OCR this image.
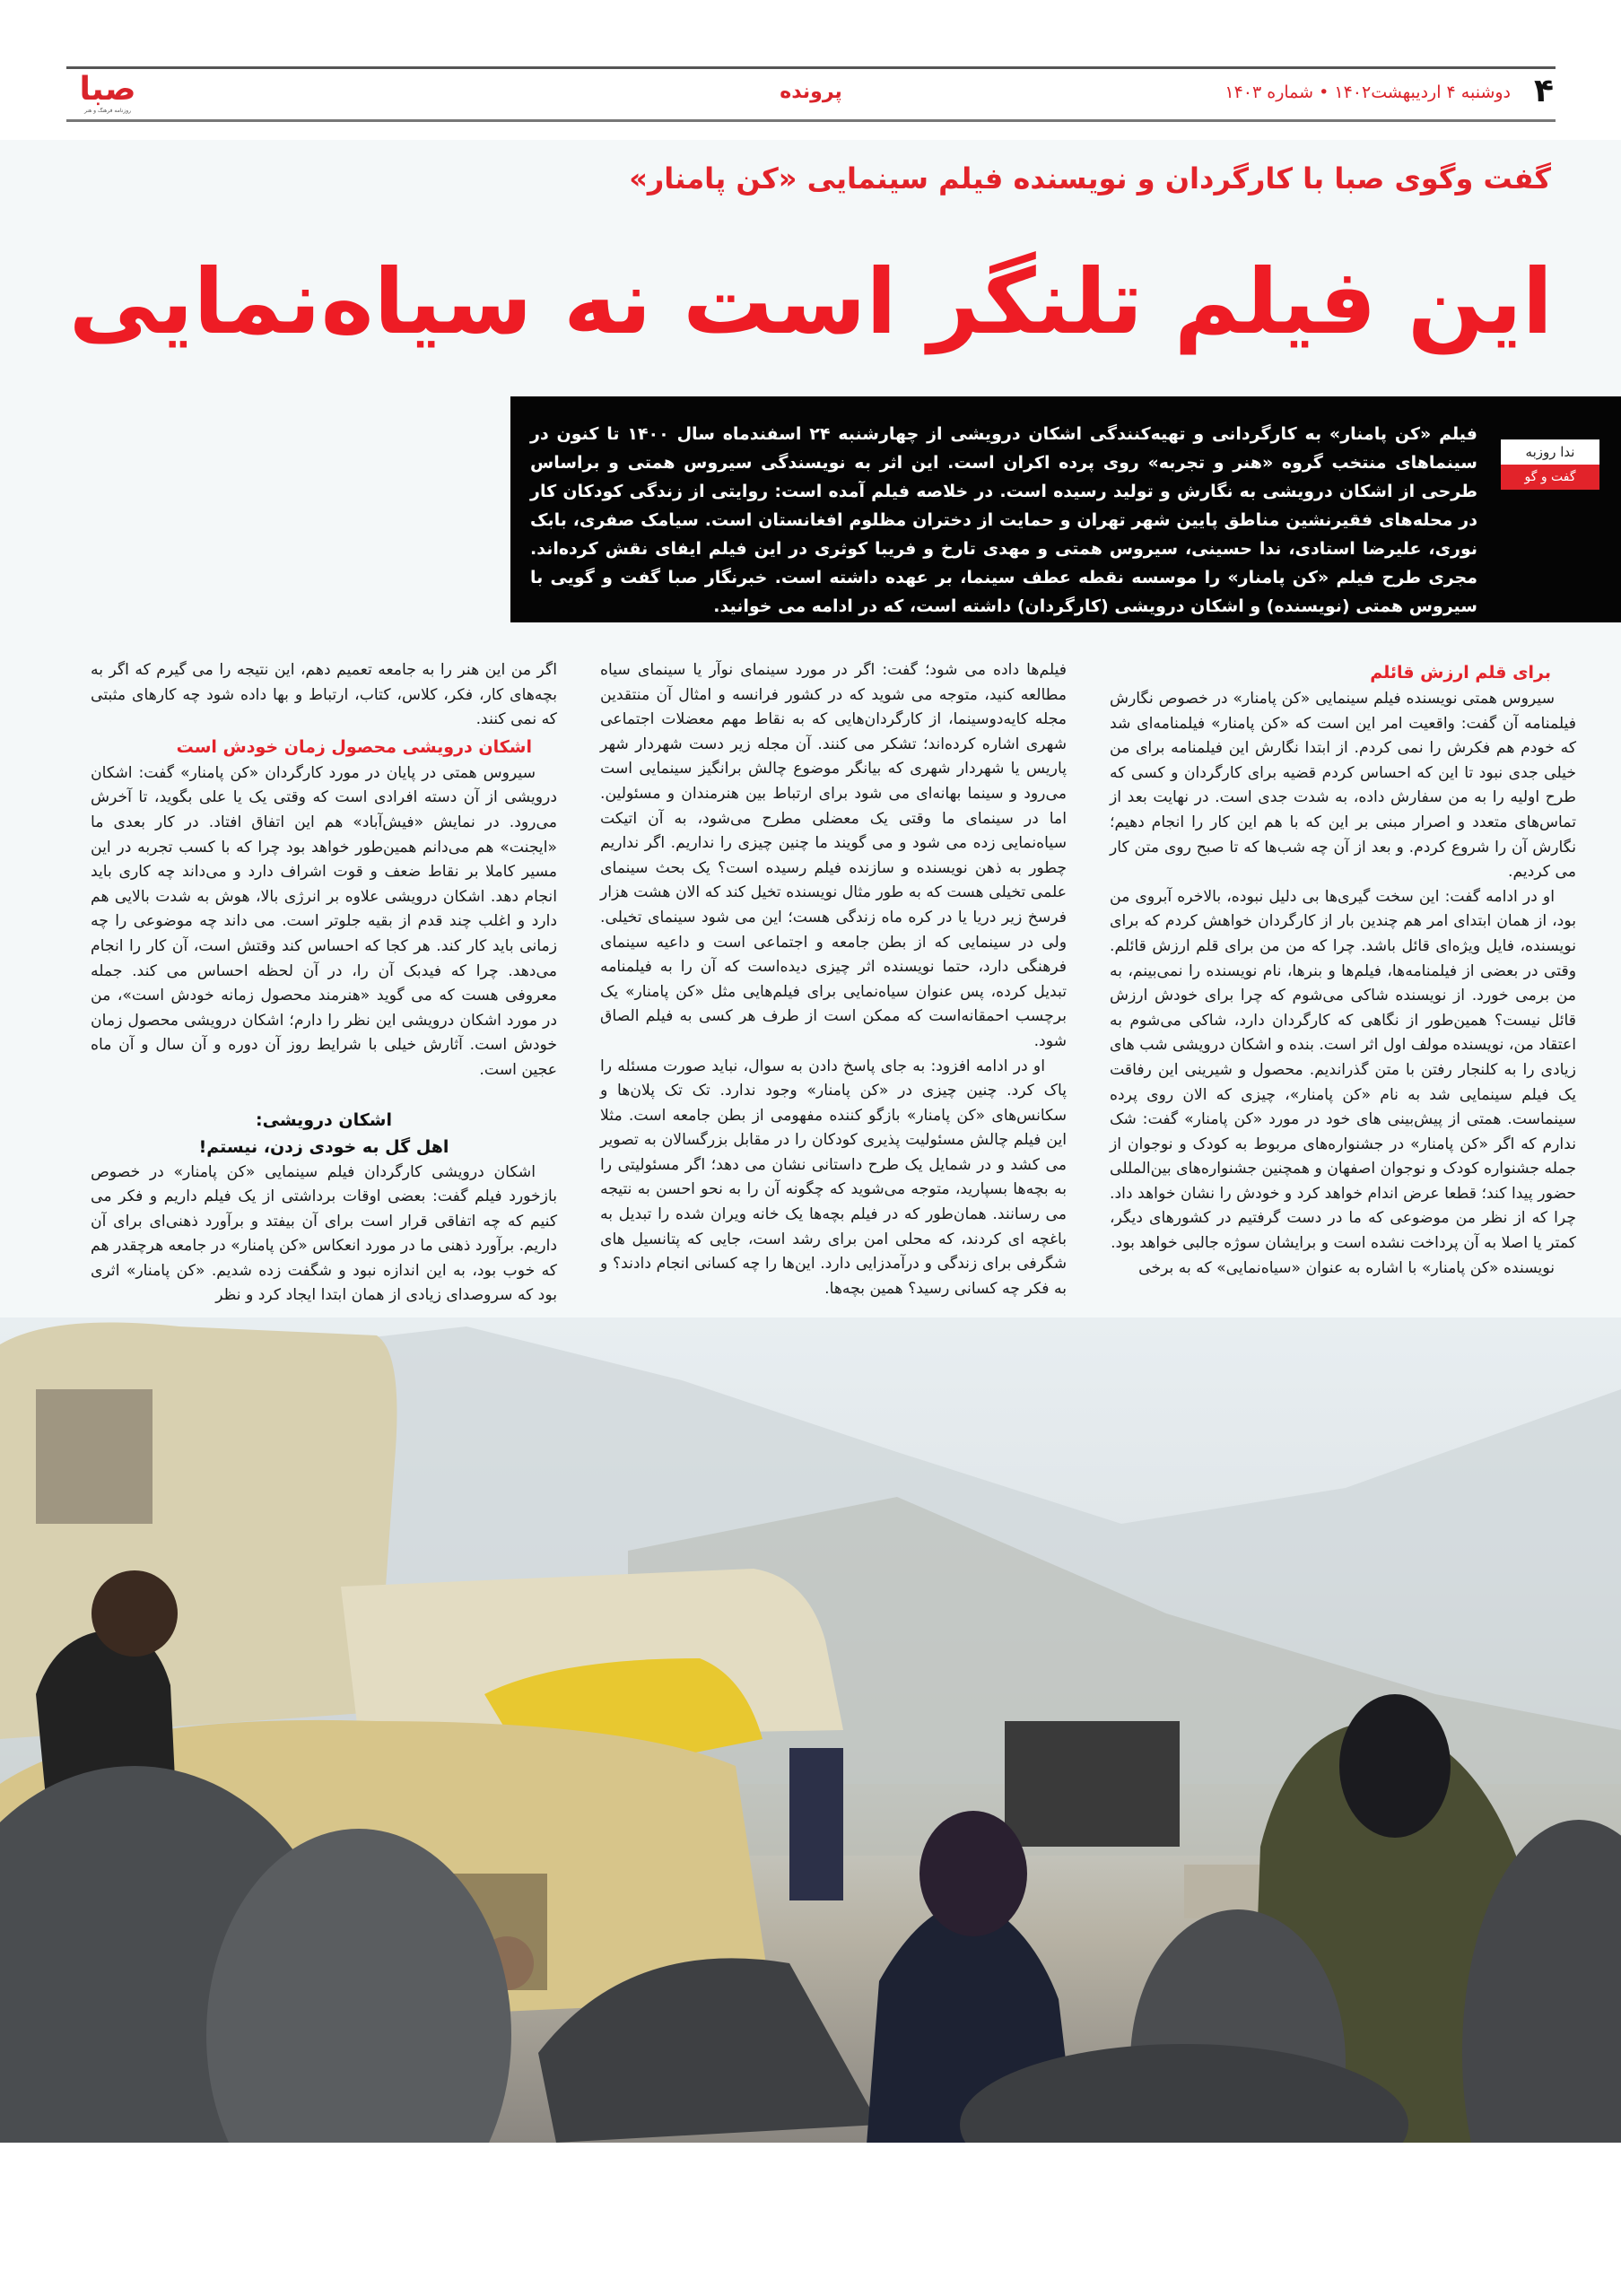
۴
دوشنبه ۴ اردیبهشت۱۴۰۲ • شماره ۱۴۰۳
پرونده
صبا
روزنامه فرهنگ و هنر
گفت وگوی صبا با کارگردان و نویسنده فیلم سینمایی «کن پامنار»
این فیلم تلنگر است نه سیاه‌نمایی
ندا روزبه
گفت و گو

فیلم «کن پامنار» به کارگردانی و تهیه‌کنندگی اشکان درویشی از چهارشنبه ۲۴ اسفندماه سال ۱۴۰۰ تا کنون در سینماهای منتخب گروه «هنر و تجربه» روی پرده اکران است. این اثر به نویسندگی سیروس همتی و براساس طرحی از اشکان درویشی به نگارش و تولید رسیده است. در خلاصه فیلم آمده است: روایتی از زندگی کودکان کار در محله‌های فقیرنشین مناطق پایین شهر تهران و حمایت از دختران مظلوم افغانستان است. سیامک صفری، بابک نوری، علیرضا استادی، ندا حسینی، سیروس همتی و مهدی تارخ و فریبا کوثری در این فیلم ایفای نقش کرده‌اند. مجری طرح فیلم «کن پامنار» را موسسه نقطه عطف سینما، بر عهده داشته است. خبرنگار صبا گفت و گویی با سیروس همتی (نویسنده) و اشکان درویشی (کارگردان) داشته است، که در ادامه می خوانید.

برای قلم ارزش قائلم

سیروس همتی نویسنده فیلم سینمایی «کن پامنار» در خصوص نگارش فیلمنامه آن گفت: واقعیت امر این است که «کن پامنار» فیلمنامه‌ای شد که خودم هم فکرش را نمی کردم. از ابتدا نگارش این فیلمنامه برای من خیلی جدی نبود تا این که احساس کردم قضیه برای کارگردان و کسی که طرح اولیه را به من سفارش داده، به شدت جدی است. در نهایت بعد از تماس‌های متعدد و اصرار مبنی بر این که با هم این کار را انجام دهیم؛ نگارش آن را شروع کردم. و بعد از آن چه شب‌ها که تا صبح روی متن کار می کردیم.

او در ادامه گفت: این سخت گیری‌ها بی دلیل نبوده، بالاخره آبروی من بود، از همان ابتدای امر هم چندین بار از کارگردان خواهش کردم که برای نویسنده، فایل ویژه‌ای قائل باشد. چرا که من من برای قلم ارزش قائلم. وقتی در بعضی از فیلمنامه‌ها، فیلم‌ها و بنرها، نام نویسنده را نمی‌بینم، به من برمی خورد. از نویسنده شاکی می‌شوم که چرا برای خودش ارزش قائل نیست؟ همین‌طور از نگاهی که کارگردان دارد، شاکی می‌شوم به اعتقاد من، نویسنده مولف اول اثر است. بنده و اشکان درویشی شب های زیادی را به کلنجار رفتن با متن گذراندیم. محصول و شیرینی این رفاقت یک فیلم سینمایی شد به نام «کن پامنار»، چیزی که الان روی پرده سینماست. همتی از پیش‌بینی های خود در مورد «کن پامنار» گفت: شک ندارم که اگر «کن پامنار» در جشنواره‌های مربوط به کودک و نوجوان از جمله جشنواره کودک و نوجوان اصفهان و همچنین جشنواره‌های بین‌المللی حضور پیدا کند؛ قطعا عرض اندام خواهد کرد و خودش را نشان خواهد داد. چرا که از نظر من موضوعی که ما در دست گرفتیم در کشورهای دیگر، کمتر یا اصلا به آن پرداخت نشده است و برایشان سوژه جالبی خواهد بود.

نویسنده «کن پامنار» با اشاره به عنوان «سیاه‌نمایی» که به برخی

فیلم‌ها داده می شود؛ گفت: اگر در مورد سینمای نوآر یا سینمای سیاه مطالعه کنید، متوجه می شوید که در کشور فرانسه و امثال آن منتقدین مجله کایه‌دوسینما، از کارگردان‌هایی که به نقاط مهم معضلات اجتماعی شهری اشاره کرده‌اند؛ تشکر می کنند. آن مجله زیر دست شهردار شهر پاریس یا شهردار شهری که بیانگر موضوع چالش برانگیز سینمایی است می‌رود و سینما بهانه‌ای می شود برای ارتباط بین هنرمندان و مسئولین. اما در سینمای ما وقتی یک معضلی مطرح می‌شود، به آن اتیکت سیاه‌نمایی زده می شود و می گویند ما چنین چیزی را نداریم. اگر نداریم چطور به ذهن نویسنده و سازنده فیلم رسیده است؟ یک بحث سینمای علمی تخیلی هست که به طور مثال نویسنده تخیل کند که الان هشت هزار فرسخ زیر دریا یا در کره ماه زندگی هست؛ این می شود سینمای تخیلی. ولی در سینمایی که از بطن جامعه و اجتماعی است و داعیه سینمای فرهنگی دارد، حتما نویسنده اثر چیزی دیده‌است که آن را به فیلمنامه تبدیل کرده، پس عنوان سیاه‌نمایی برای فیلم‌هایی مثل «کن پامنار» یک برچسب احمقانه‌است که ممکن است از طرف هر کسی به فیلم الصاق شود.

او در ادامه افزود: به جای پاسخ دادن به سوال، نباید صورت مسئله را پاک کرد. چنین چیزی در «کن پامنار» وجود ندارد. تک تک پلان‌ها و سکانس‌های «کن پامنار» بازگو کننده مفهومی از بطن جامعه است. مثلا این فیلم چالش مسئولیت پذیری کودکان را در مقابل بزرگسالان به تصویر می کشد و در شمایل یک طرح داستانی نشان می دهد؛ اگر مسئولیتی را به بچه‌ها بسپارید، متوجه می‌شوید که چگونه آن را به نحو احسن به نتیجه می رسانند. همان‌طور که در فیلم بچه‌ها یک خانه ویران شده را تبدیل به باغچه ای کردند، که محلی امن برای رشد است، جایی که پتانسیل های شگرفی برای زندگی و درآمدزایی دارد. این‌ها را چه کسانی انجام دادند؟ و به فکر چه کسانی رسید؟ همین بچه‌ها.

اگر من این هنر را به جامعه تعمیم دهم، این نتیجه را می گیرم که اگر به بچه‌های کار، فکر، کلاس، کتاب، ارتباط و بها داده شود چه کارهای مثبتی که نمی کنند.

اشکان درویشی محصول زمان خودش است

سیروس همتی در پایان در مورد کارگردان «کن پامنار» گفت: اشکان درویشی از آن دسته افرادی است که وقتی یک یا علی بگوید، تا آخرش می‌رود. در نمایش «فیش‌آباد» هم این اتفاق افتاد. در کار بعدی ما «ایجنت» هم می‌دانم همین‌طور خواهد بود چرا که با کسب تجربه در این مسیر کاملا بر نقاط ضعف و قوت اشراف دارد و می‌داند چه کاری باید انجام دهد. اشکان درویشی علاوه بر انرژی بالا، هوش به شدت بالایی هم دارد و اغلب چند قدم از بقیه جلوتر است. می داند چه موضوعی را چه زمانی باید کار کند. هر کجا که احساس کند وقتش است، آن کار را انجام می‌دهد. چرا که فیدبک آن را، در آن لحظه احساس می کند. جمله معروفی هست که می گوید «هنرمند محصول زمانه خودش است»، من در مورد اشکان درویشی این نظر را دارم؛ اشکان درویشی محصول زمان خودش است. آثارش خیلی با شرایط روز آن دوره و آن سال و آن ماه عجین است.

اشکان درویشی:
اهل گل به خودی زدن، نیستم!

اشکان درویشی کارگردان فیلم سینمایی «کن پامنار» در خصوص بازخورد فیلم گفت: بعضی اوقات برداشتی از یک فیلم داریم و فکر می کنیم که چه اتفاقی قرار است برای آن بیفتد و برآورد ذهنی‌ای برای آن داریم. برآورد ذهنی ما در مورد انعکاس «کن پامنار» در جامعه هرچقدر هم که خوب بود، به این اندازه نبود و شگفت زده شدیم. «کن پامنار» اثری بود که سروصدای زیادی از همان ابتدا ایجاد کرد و نظر
